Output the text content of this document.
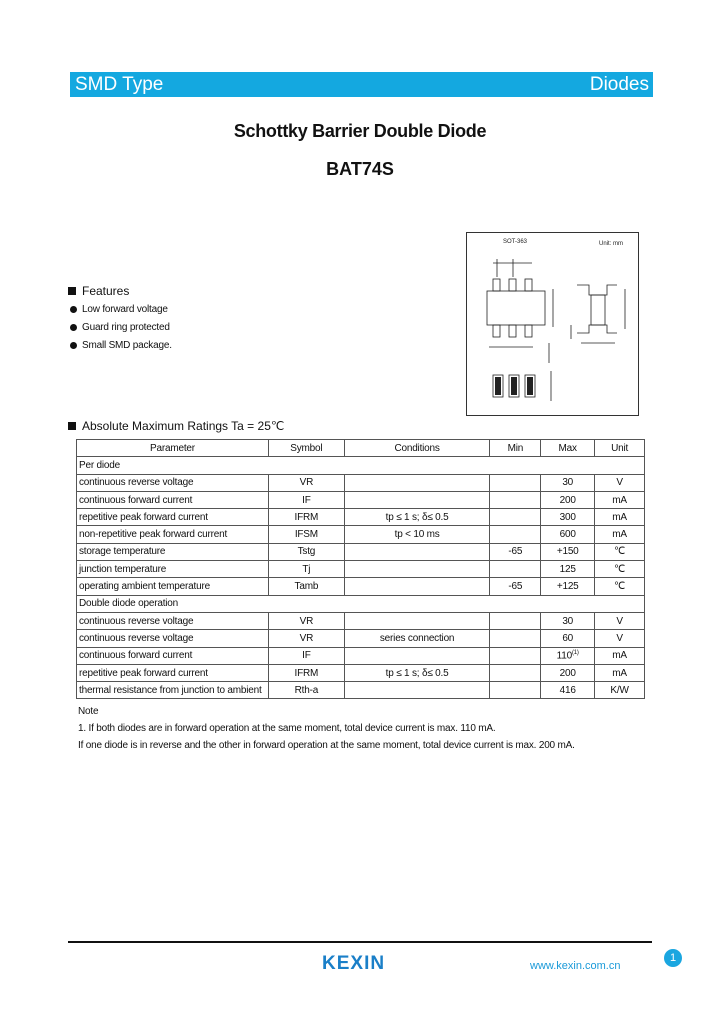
SMD Type	Diodes
Schottky Barrier Double Diode
BAT74S
SOT-363	Unit: mm
Features
Low forward voltage
Guard ring protected
Small SMD package.
Absolute Maximum Ratings Ta = 25℃
Parameter	Symbol	Conditions	Min	Max	Unit
Per diode					
continuous reverse voltage	VR			30	V
continuous forward current	IF			200	mA
repetitive peak forward current	IFRM	tp ≤ 1 s; δ≤ 0.5		300	mA
non-repetitive peak forward current	IFSM	tp < 10 ms		600	mA
storage temperature	Tstg		-65	+150	℃
junction temperature	Tj			125	℃
operating ambient temperature	Tamb		-65	+125	℃
Double diode operation					
continuous reverse voltage	VR			30	V
continuous reverse voltage	VR	series connection		60	V
continuous forward current	IF			110$^{(1)}$	mA
repetitive peak forward current	IFRM	tp ≤ 1 s; δ≤ 0.5		200	mA
thermal resistance from junction to ambient	Rth-a			416	K/W
Note
1. If both diodes are in forward operation at the same moment, total device current is max. 110 mA.
If one diode is in reverse and the other in forward operation at the same moment, total device current is max. 200 mA.
KEXIN	www.kexin.com.cn
1
